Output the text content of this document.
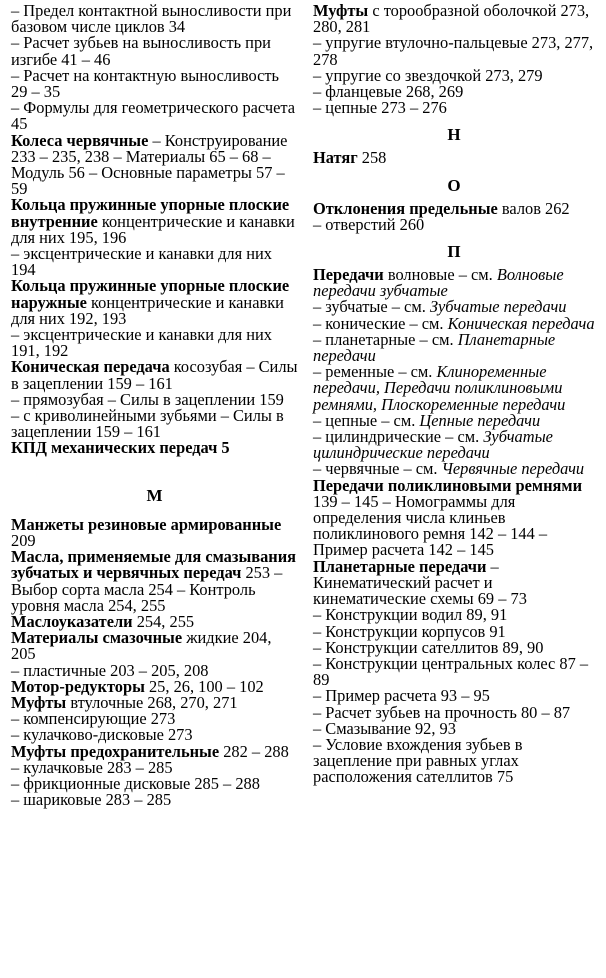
– Предел контактной выносливости при базовом числе циклов 34
– Расчет зубьев на выносливость при изгибе 41 – 46
– Расчет на контактную выносливость 29 – 35
– Формулы для геометрического расчета 45
Колеса червячные – Конструирование 233 – 235, 238 – Материалы 65 – 68 – Модуль 56 – Основные параметры 57 – 59
Кольца пружинные упорные плоские внутренние концентрические и канавки для них 195, 196
– эксцентрические и канавки для них 194
Кольца пружинные упорные плоские наружные концентрические и канавки для них 192, 193
– эксцентрические и канавки для них 191, 192
Коническая передача косозубая – Силы в зацеплении 159 – 161
– прямозубая – Силы в зацеплении 159
– с криволинейными зубьями – Силы в зацеплении 159 – 161
КПД механических передач 5
М
Манжеты резиновые армированные 209
Масла, применяемые для смазывания зубчатых и червячных передач 253 – Выбор сорта масла 254 – Контроль уровня масла 254, 255
Маслоуказатели 254, 255
Материалы смазочные жидкие 204, 205
– пластичные 203 – 205, 208
Мотор-редукторы 25, 26, 100 – 102
Муфты втулочные 268, 270, 271
– компенсирующие 273
– кулачково-дисковые 273
Муфты предохранительные 282 – 288
– кулачковые 283 – 285
– фрикционные дисковые 285 – 288
– шариковые 283 – 285
Муфты с торообразной оболочкой 273, 280, 281
– упругие втулочно-пальцевые 273, 277, 278
– упругие со звездочкой 273, 279
– фланцевые 268, 269
– цепные 273 – 276
Н
Натяг 258
О
Отклонения предельные валов 262
– отверстий 260
П
Передачи волновые – см. Волновые передачи зубчатые
– зубчатые – см. Зубчатые передачи
– конические – см. Коническая передача
– планетарные – см. Планетарные передачи
– ременные – см. Клиноременные передачи, Передачи поликлиновыми ремнями, Плоскоременные передачи
– цепные – см. Цепные передачи
– цилиндрические – см. Зубчатые цилиндрические передачи
– червячные – см. Червячные передачи
Передачи поликлиновыми ремнями 139 – 145 – Номограммы для определения числа клиньев поликлинового ремня 142 – 144 – Пример расчета 142 – 145
Планетарные передачи – Кинематический расчет и кинематические схемы 69 – 73
– Конструкции водил 89, 91
– Конструкции корпусов 91
– Конструкции сателлитов 89, 90
– Конструкции центральных колес 87 – 89
– Пример расчета 93 – 95
– Расчет зубьев на прочность 80 – 87
– Смазывание 92, 93
– Условие вхождения зубьев в зацепление при равных углах расположения сателлитов 75
